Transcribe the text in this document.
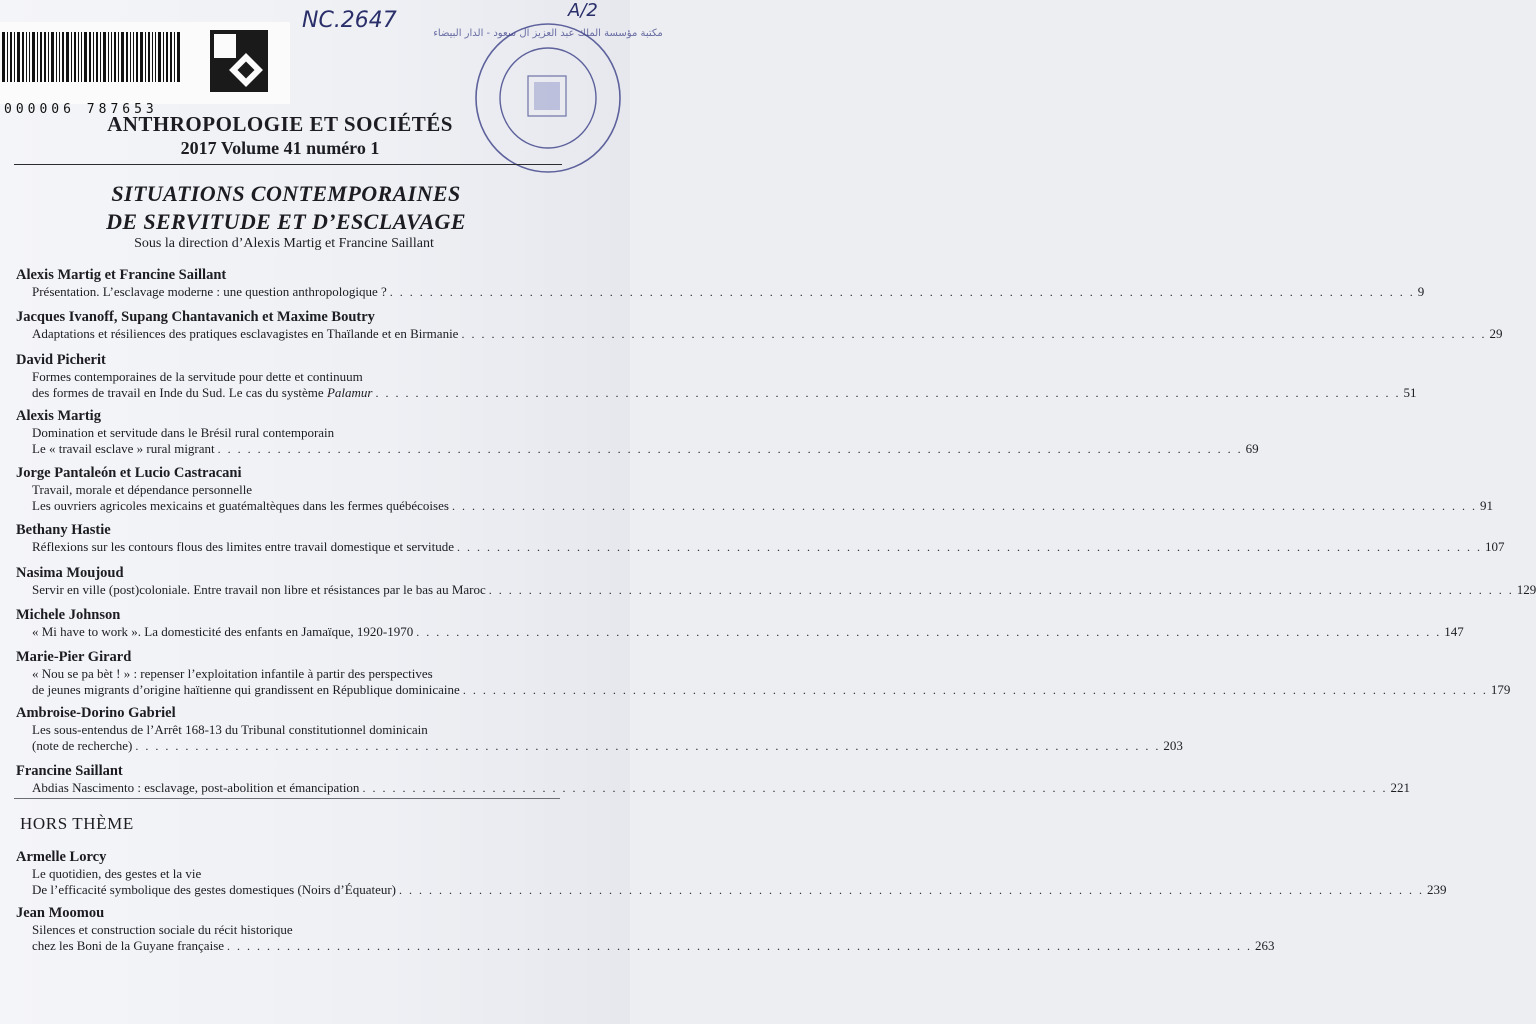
000006 787653
NC.2647	A/2
مكتبة مؤسسة الملك عبد العزيز آل سعود - الدار البيضاء
ANTHROPOLOGIE ET SOCIÉTÉS
2017 Volume 41 numéro 1
SITUATIONS CONTEMPORAINES
DE SERVITUDE ET D’ESCLAVAGE
Sous la direction d’Alexis Martig et Francine Saillant
Alexis Martig et Francine Saillant
Présentation. L’esclavage moderne : une question anthropologique ? . . .	9
Jacques Ivanoff, Supang Chantavanich et Maxime Boutry
Adaptations et résiliences des pratiques esclavagistes en Thaïlande et en Birmanie . . .	29
David Picherit
Formes contemporaines de la servitude pour dette et continuum
des formes de travail en Inde du Sud. Le cas du système Palamur . . .	51
Alexis Martig
Domination et servitude dans le Brésil rural contemporain
Le « travail esclave » rural migrant . . .	69
Jorge Pantaleón et Lucio Castracani
Travail, morale et dépendance personnelle
Les ouvriers agricoles mexicains et guatémaltèques dans les fermes québécoises . . .	91
Bethany Hastie
Réflexions sur les contours flous des limites entre travail domestique et servitude . . .	107
Nasima Moujoud
Servir en ville (post)coloniale. Entre travail non libre et résistances par le bas au Maroc . . .	129
Michele Johnson
« Mi have to work ». La domesticité des enfants en Jamaïque, 1920-1970 . . .	147
Marie-Pier Girard
« Nou se pa bèt ! » : repenser l’exploitation infantile à partir des perspectives
de jeunes migrants d’origine haïtienne qui grandissent en République dominicaine . . .	179
Ambroise-Dorino Gabriel
Les sous-entendus de l’Arrêt 168-13 du Tribunal constitutionnel dominicain
(note de recherche) . . .	203
Francine Saillant
Abdias Nascimento : esclavage, post-abolition et émancipation . . .	221
HORS THÈME
Armelle Lorcy
Le quotidien, des gestes et la vie
De l’efficacité symbolique des gestes domestiques (Noirs d’Équateur) . . .	239
Jean Moomou
Silences et construction sociale du récit historique
chez les Boni de la Guyane française . . .	263
